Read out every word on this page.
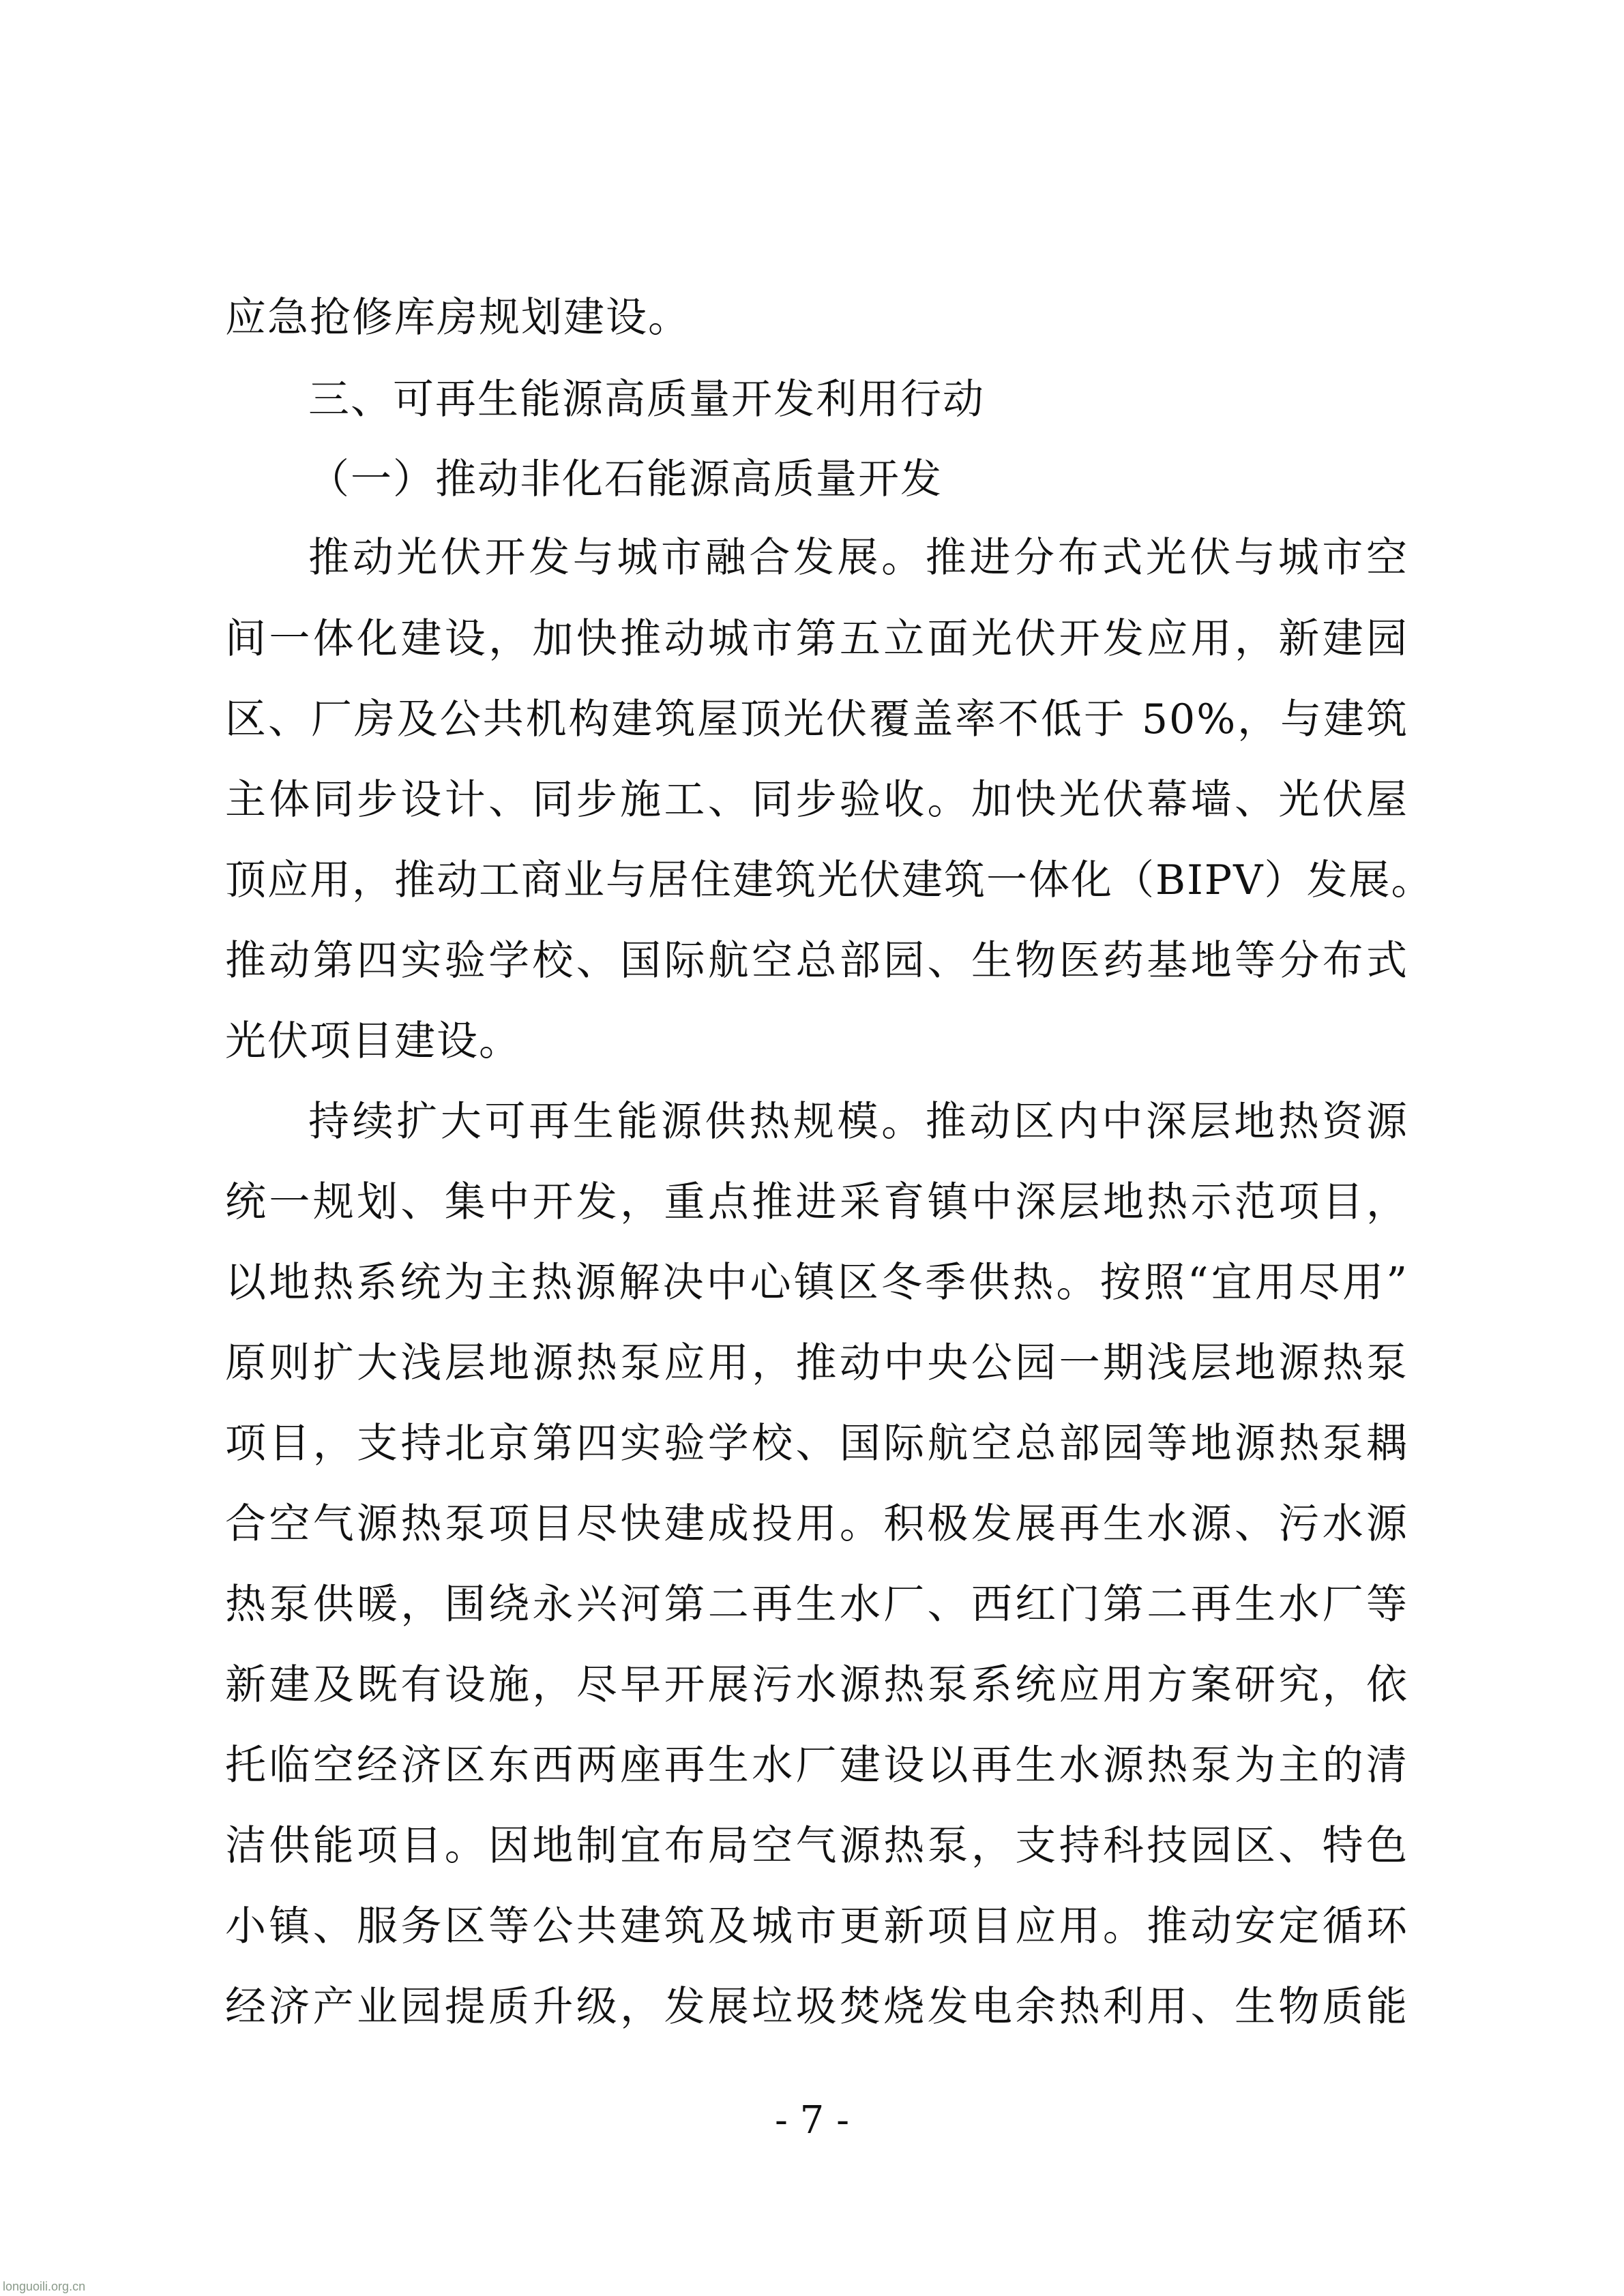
应急抢修库房规划建设。
三、可再生能源高质量开发利用行动
（一）推动非化石能源高质量开发
推动光伏开发与城市融合发展。推进分布式光伏与城市空
间一体化建设，加快推动城市第五立面光伏开发应用，新建园
区、厂房及公共机构建筑屋顶光伏覆盖率不低于 50%，与建筑
主体同步设计、同步施工、同步验收。加快光伏幕墙、光伏屋
顶应用，推动工商业与居住建筑光伏建筑一体化（BIPV）发展。
推动第四实验学校、国际航空总部园、生物医药基地等分布式
光伏项目建设。
持续扩大可再生能源供热规模。推动区内中深层地热资源
统一规划、集中开发，重点推进采育镇中深层地热示范项目，
以地热系统为主热源解决中心镇区冬季供热。按照“宜用尽用”
原则扩大浅层地源热泵应用，推动中央公园一期浅层地源热泵
项目，支持北京第四实验学校、国际航空总部园等地源热泵耦
合空气源热泵项目尽快建成投用。积极发展再生水源、污水源
热泵供暖，围绕永兴河第二再生水厂、西红门第二再生水厂等
新建及既有设施，尽早开展污水源热泵系统应用方案研究，依
托临空经济区东西两座再生水厂建设以再生水源热泵为主的清
洁供能项目。因地制宜布局空气源热泵，支持科技园区、特色
小镇、服务区等公共建筑及城市更新项目应用。推动安定循环
经济产业园提质升级，发展垃圾焚烧发电余热利用、生物质能
- 7 -
longuoili.org.cn
